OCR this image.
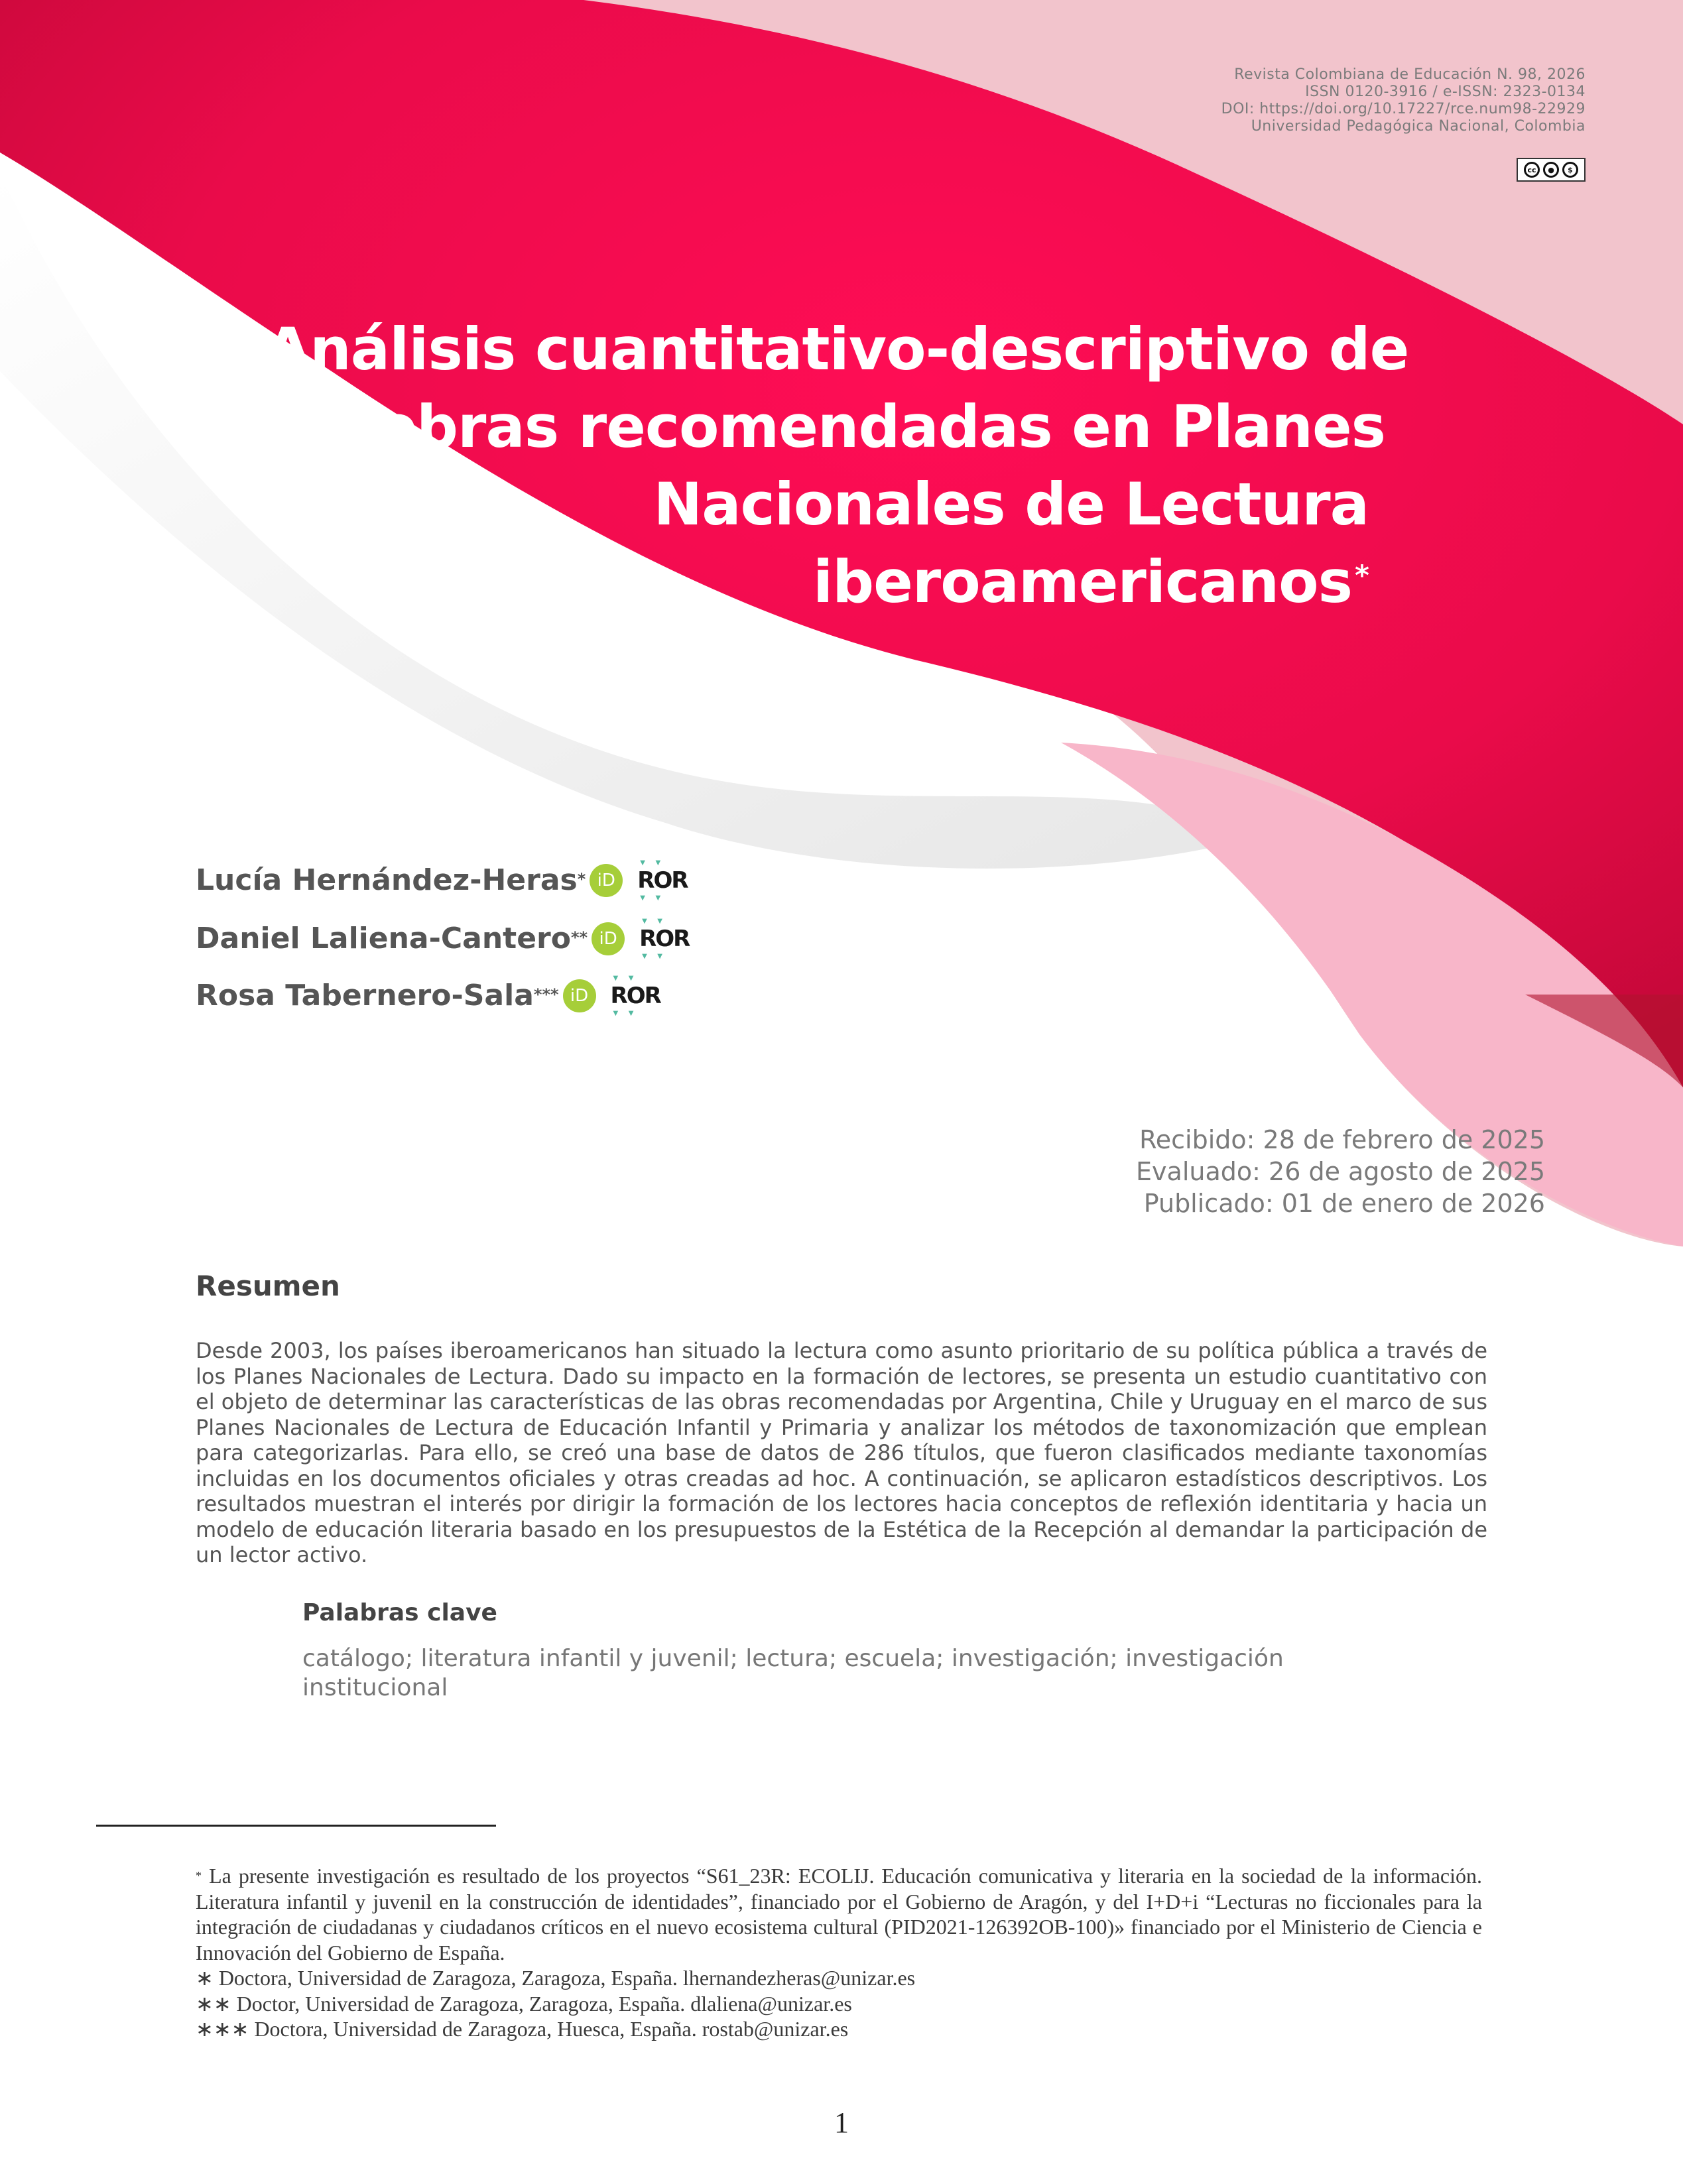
Revista Colombiana de Educación N. 98, 2026
ISSN 0120-3916 / e-ISSN: 2323-0134
DOI: https://doi.org/10.17227/rce.num98-22929
Universidad Pedagógica Nacional, Colombia
cc	●	$
Análisis cuantitativo-descriptivo de
las obras recomendadas en Planes
Nacionales de Lectura
iberoamericanos*
Lucía Hernández-Heras* iD ▼ ▼ ROR ▼ ▼
Daniel Laliena-Cantero** iD ▼ ▼ ROR ▼ ▼
Rosa Tabernero-Sala*** iD ▼ ▼ ROR ▼ ▼
Recibido: 28 de febrero de 2025
Evaluado: 26 de agosto de 2025
Publicado: 01 de enero de 2026
Resumen
Desde 2003, los países iberoamericanos han situado la lectura como asunto prioritario de su política pública a través de los Planes Nacionales de Lectura. Dado su impacto en la formación de lectores, se presenta un estudio cuantitativo con el objeto de determinar las características de las obras recomendadas por Argentina, Chile y Uruguay en el marco de sus Planes Nacionales de Lectura de Educación Infantil y Primaria y analizar los métodos de taxonomización que emplean para categorizarlas. Para ello, se creó una base de datos de 286 títulos, que fueron clasificados mediante taxonomías incluidas en los documentos oficiales y otras creadas ad hoc. A continuación, se aplicaron estadísticos descriptivos. Los resultados muestran el interés por dirigir la formación de los lectores hacia conceptos de reflexión identitaria y hacia un modelo de educación literaria basado en los presupuestos de la Estética de la Recepción al demandar la participación de un lector activo.
Palabras clave
catálogo; literatura infantil y juvenil; lectura; escuela; investigación; investigación institucional

* La presente investigación es resultado de los proyectos “S61_23R: ECOLIJ. Educación comunicativa y literaria en la sociedad de la información. Literatura infantil y juvenil en la construcción de identidades”, financiado por el Gobierno de Aragón, y del I+D+i “Lecturas no ficcionales para la integración de ciudadanas y ciudadanos críticos en el nuevo ecosistema cultural (PID2021-126392OB-100)» financiado por el Ministerio de Ciencia e Innovación del Gobierno de España.

∗ Doctora, Universidad de Zaragoza, Zaragoza, España. lhernandezheras@unizar.es

∗∗ Doctor, Universidad de Zaragoza, Zaragoza, España. dlaliena@unizar.es

∗∗∗ Doctora, Universidad de Zaragoza, Huesca, España. rostab@unizar.es

1
